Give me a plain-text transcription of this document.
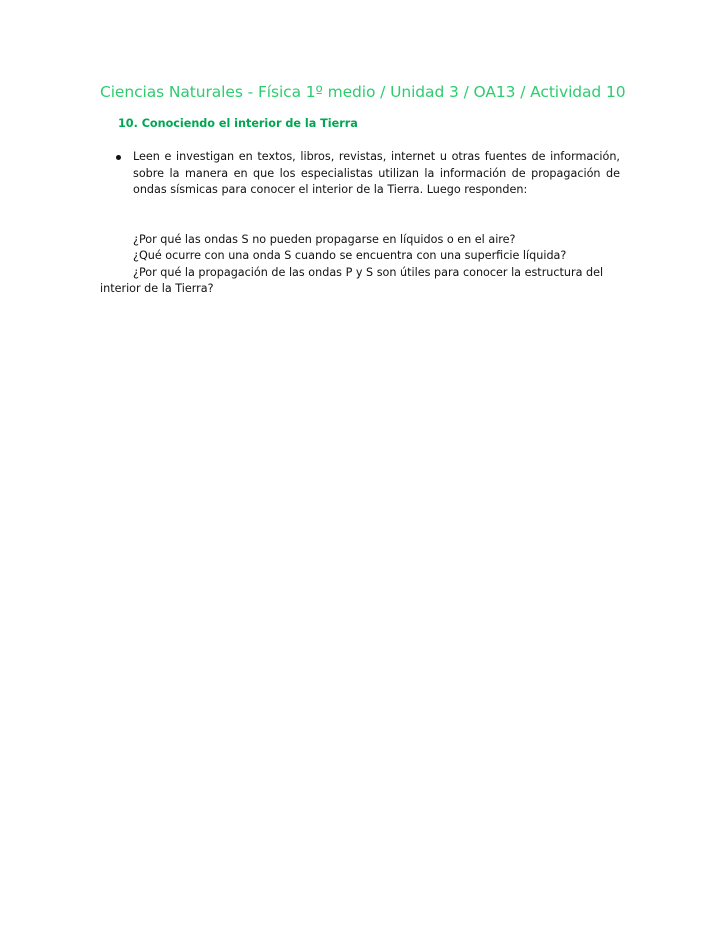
Ciencias Naturales - Física 1º medio / Unidad 3 / OA13 / Actividad 10
10. Conociendo el interior de la Tierra
Leen e investigan en textos, libros, revistas, internet u otras fuentes de información, sobre la manera en que los especialistas utilizan la información de propagación de ondas sísmicas para conocer el interior de la Tierra. Luego responden:

¿Por qué las ondas S no pueden propagarse en líquidos o en el aire?

¿Qué ocurre con una onda S cuando se encuentra con una superficie líquida?

¿Por qué la propagación de las ondas P y S son útiles para conocer la estructura del interior de la Tierra?
